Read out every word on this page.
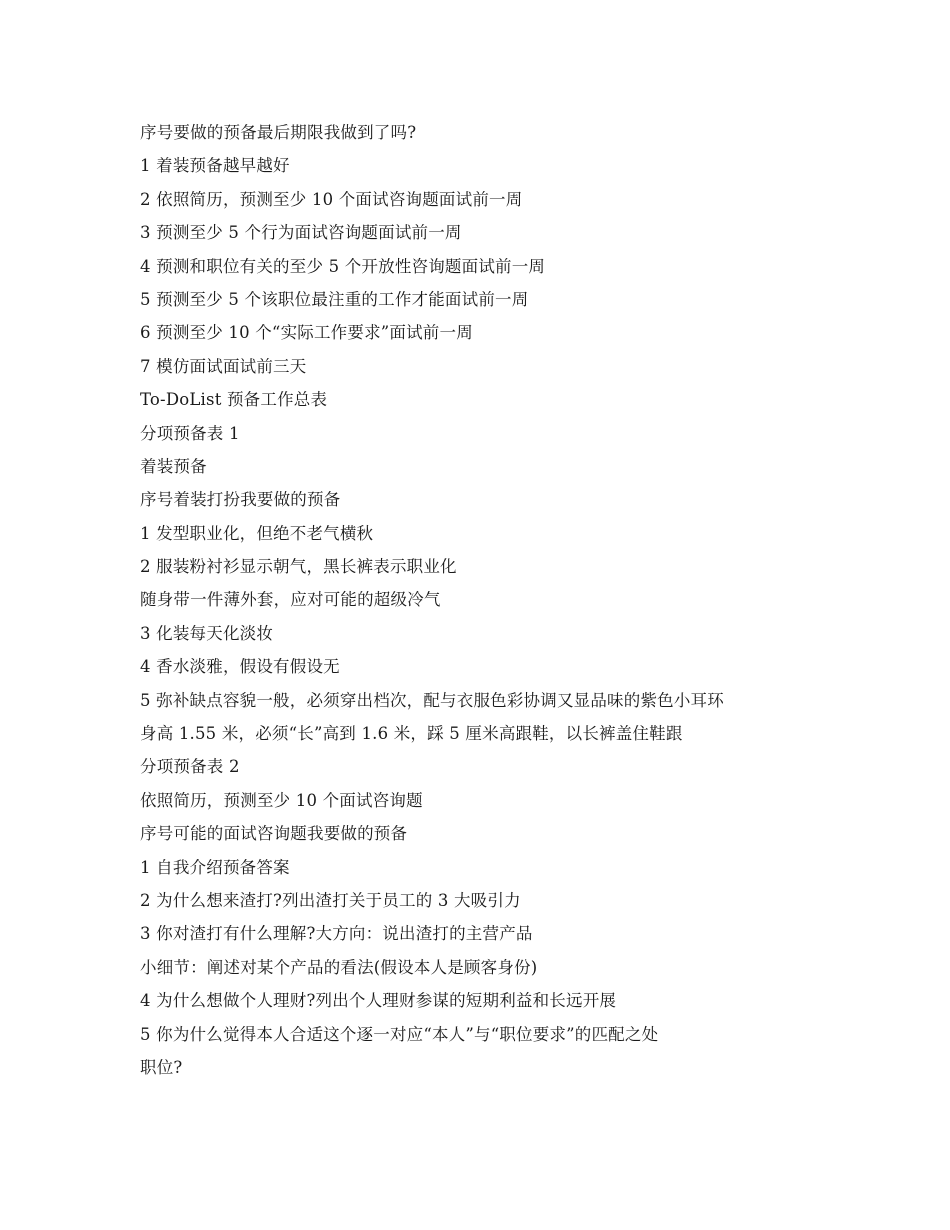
序号要做的预备最后期限我做到了吗?
1 着装预备越早越好
2 依照简历，预测至少 10 个面试咨询题面试前一周
3 预测至少 5 个行为面试咨询题面试前一周
4 预测和职位有关的至少 5 个开放性咨询题面试前一周
5 预测至少 5 个该职位最注重的工作才能面试前一周
6 预测至少 10 个“实际工作要求”面试前一周
7 模仿面试面试前三天
To-DoList 预备工作总表
分项预备表 1
着装预备
序号着装打扮我要做的预备
1 发型职业化，但绝不老气横秋
2 服装粉衬衫显示朝气，黑长裤表示职业化
随身带一件薄外套，应对可能的超级冷气
3 化装每天化淡妆
4 香水淡雅，假设有假设无
5 弥补缺点容貌一般，必须穿出档次，配与衣服色彩协调又显品味的紫色小耳环
身高 1.55 米，必须“长”高到 1.6 米，踩 5 厘米高跟鞋，以长裤盖住鞋跟
分项预备表 2
依照简历，预测至少 10 个面试咨询题
序号可能的面试咨询题我要做的预备
1 自我介绍预备答案
2 为什么想来渣打?列出渣打关于员工的 3 大吸引力
3 你对渣打有什么理解?大方向：说出渣打的主营产品
小细节：阐述对某个产品的看法(假设本人是顾客身份)
4 为什么想做个人理财?列出个人理财参谋的短期利益和长远开展
5 你为什么觉得本人合适这个逐一对应“本人”与“职位要求”的匹配之处
职位?
